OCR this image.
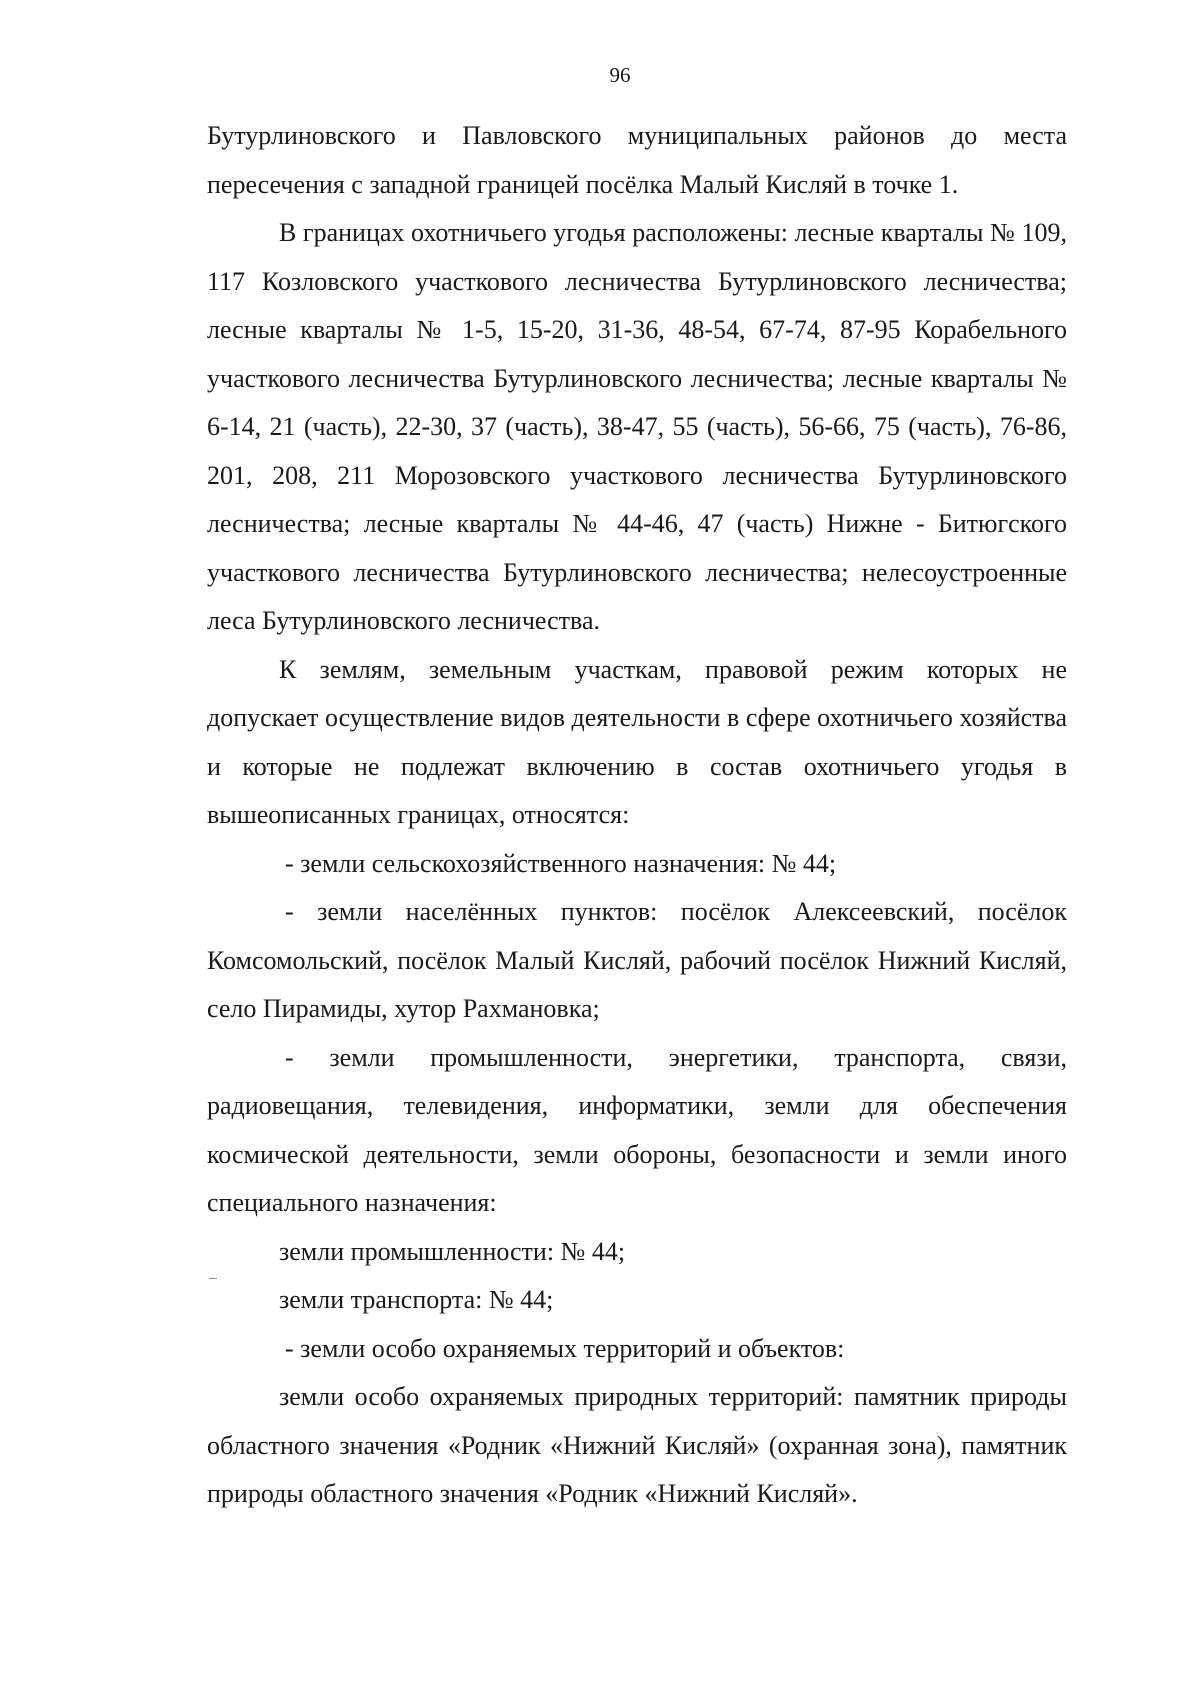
96

Бутурлиновского и Павловского муниципальных районов до места пересечения с западной границей посёлка Малый Кисляй в точке 1.

В границах охотничьего угодья расположены: лесные кварталы № 109, 117 Козловского участкового лесничества Бутурлиновского лесничества; лесные кварталы № 1-5, 15-20, 31-36, 48-54, 67-74, 87-95 Корабельного участкового лесничества Бутурлиновского лесничества; лесные кварталы № 6-14, 21 (часть), 22-30, 37 (часть), 38-47, 55 (часть), 56-66, 75 (часть), 76-86, 201, 208, 211 Морозовского участкового лесничества Бутурлиновского лесничества; лесные кварталы № 44-46, 47 (часть) Нижне - Битюгского участкового лесничества Бутурлиновского лесничества; нелесоустроенные леса Бутурлиновского лесничества.

К землям, земельным участкам, правовой режим которых не допускает осуществление видов деятельности в сфере охотничьего хозяйства и которые не подлежат включению в состав охотничьего угодья в вышеописанных границах, относятся:

- земли сельскохозяйственного назначения: № 44;

- земли населённых пунктов: посёлок Алексеевский, посёлок Комсомольский, посёлок Малый Кисляй, рабочий посёлок Нижний Кисляй, село Пирамиды, хутор Рахмановка;

- земли промышленности, энергетики, транспорта, связи, радиовещания, телевидения, информатики, земли для обеспечения космической деятельности, земли обороны, безопасности и земли иного специального назначения:

земли промышленности: № 44;

земли транспорта: № 44;

- земли особо охраняемых территорий и объектов:

земли особо охраняемых природных территорий: памятник природы областного значения «Родник «Нижний Кисляй» (охранная зона), памятник природы областного значения «Родник «Нижний Кисляй».
